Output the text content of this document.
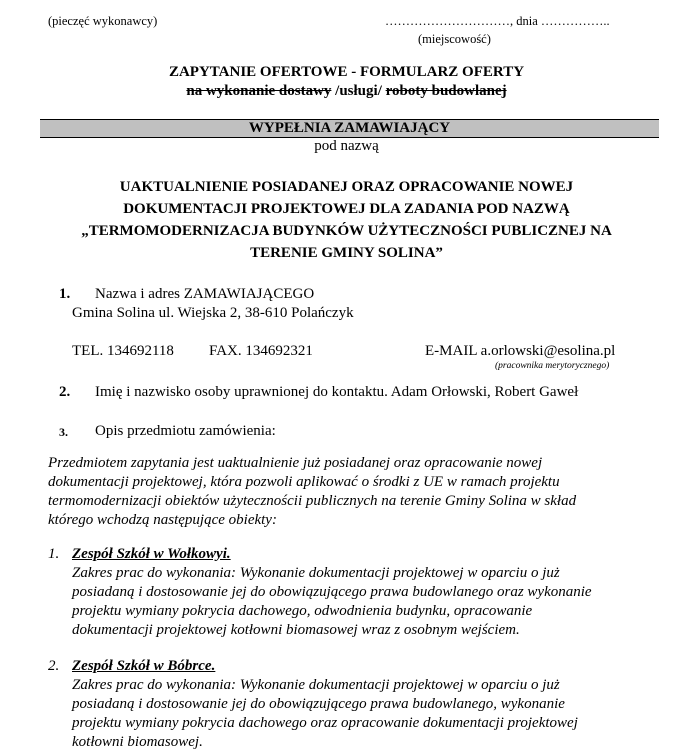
(pieczęć wykonawcy)	…………………………, dnia ……………..
(miejscowość)
ZAPYTANIE OFERTOWE - FORMULARZ OFERTY
na wykonanie dostawy /usługi/ roboty budowlanej
WYPEŁNIA ZAMAWIAJĄCY
pod nazwą
UAKTUALNIENIE POSIADANEJ ORAZ OPRACOWANIE NOWEJ
DOKUMENTACJI PROJEKTOWEJ DLA ZADANIA POD NAZWĄ
„TERMOMODERNIZACJA BUDYNKÓW UŻYTECZNOŚCI PUBLICZNEJ NA
TERENIE GMINY SOLINA”
1. Nazwa i adres ZAMAWIAJĄCEGO
Gmina Solina ul. Wiejska 2, 38-610 Polańczyk
TEL. 134692118 FAX. 134692321	E-MAIL a.orlowski@esolina.pl
(pracownika merytorycznego)
2. Imię i nazwisko osoby uprawnionej do kontaktu. Adam Orłowski, Robert Gaweł
3. Opis przedmiotu zamówienia:
Przedmiotem zapytania jest uaktualnienie już posiadanej oraz opracowanie nowej
dokumentacji projektowej, która pozwoli aplikować o środki z UE w ramach projektu
termomodernizacji obiektów użytecznościi publicznych na terenie Gminy Solina w skład
którego wchodzą następujące obiekty:
1. Zespół Szkół w Wołkowyi.
Zakres prac do wykonania: Wykonanie dokumentacji projektowej w oparciu o już
posiadaną i dostosowanie jej do obowiązującego prawa budowlanego oraz wykonanie
projektu wymiany pokrycia dachowego, odwodnienia budynku, opracowanie
dokumentacji projektowej kotłowni biomasowej wraz z osobnym wejściem.
2. Zespół Szkół w Bóbrce.
Zakres prac do wykonania: Wykonanie dokumentacji projektowej w oparciu o już
posiadaną i dostosowanie jej do obowiązującego prawa budowlanego, wykonanie
projektu wymiany pokrycia dachowego oraz opracowanie dokumentacji projektowej
kotłowni biomasowej.
